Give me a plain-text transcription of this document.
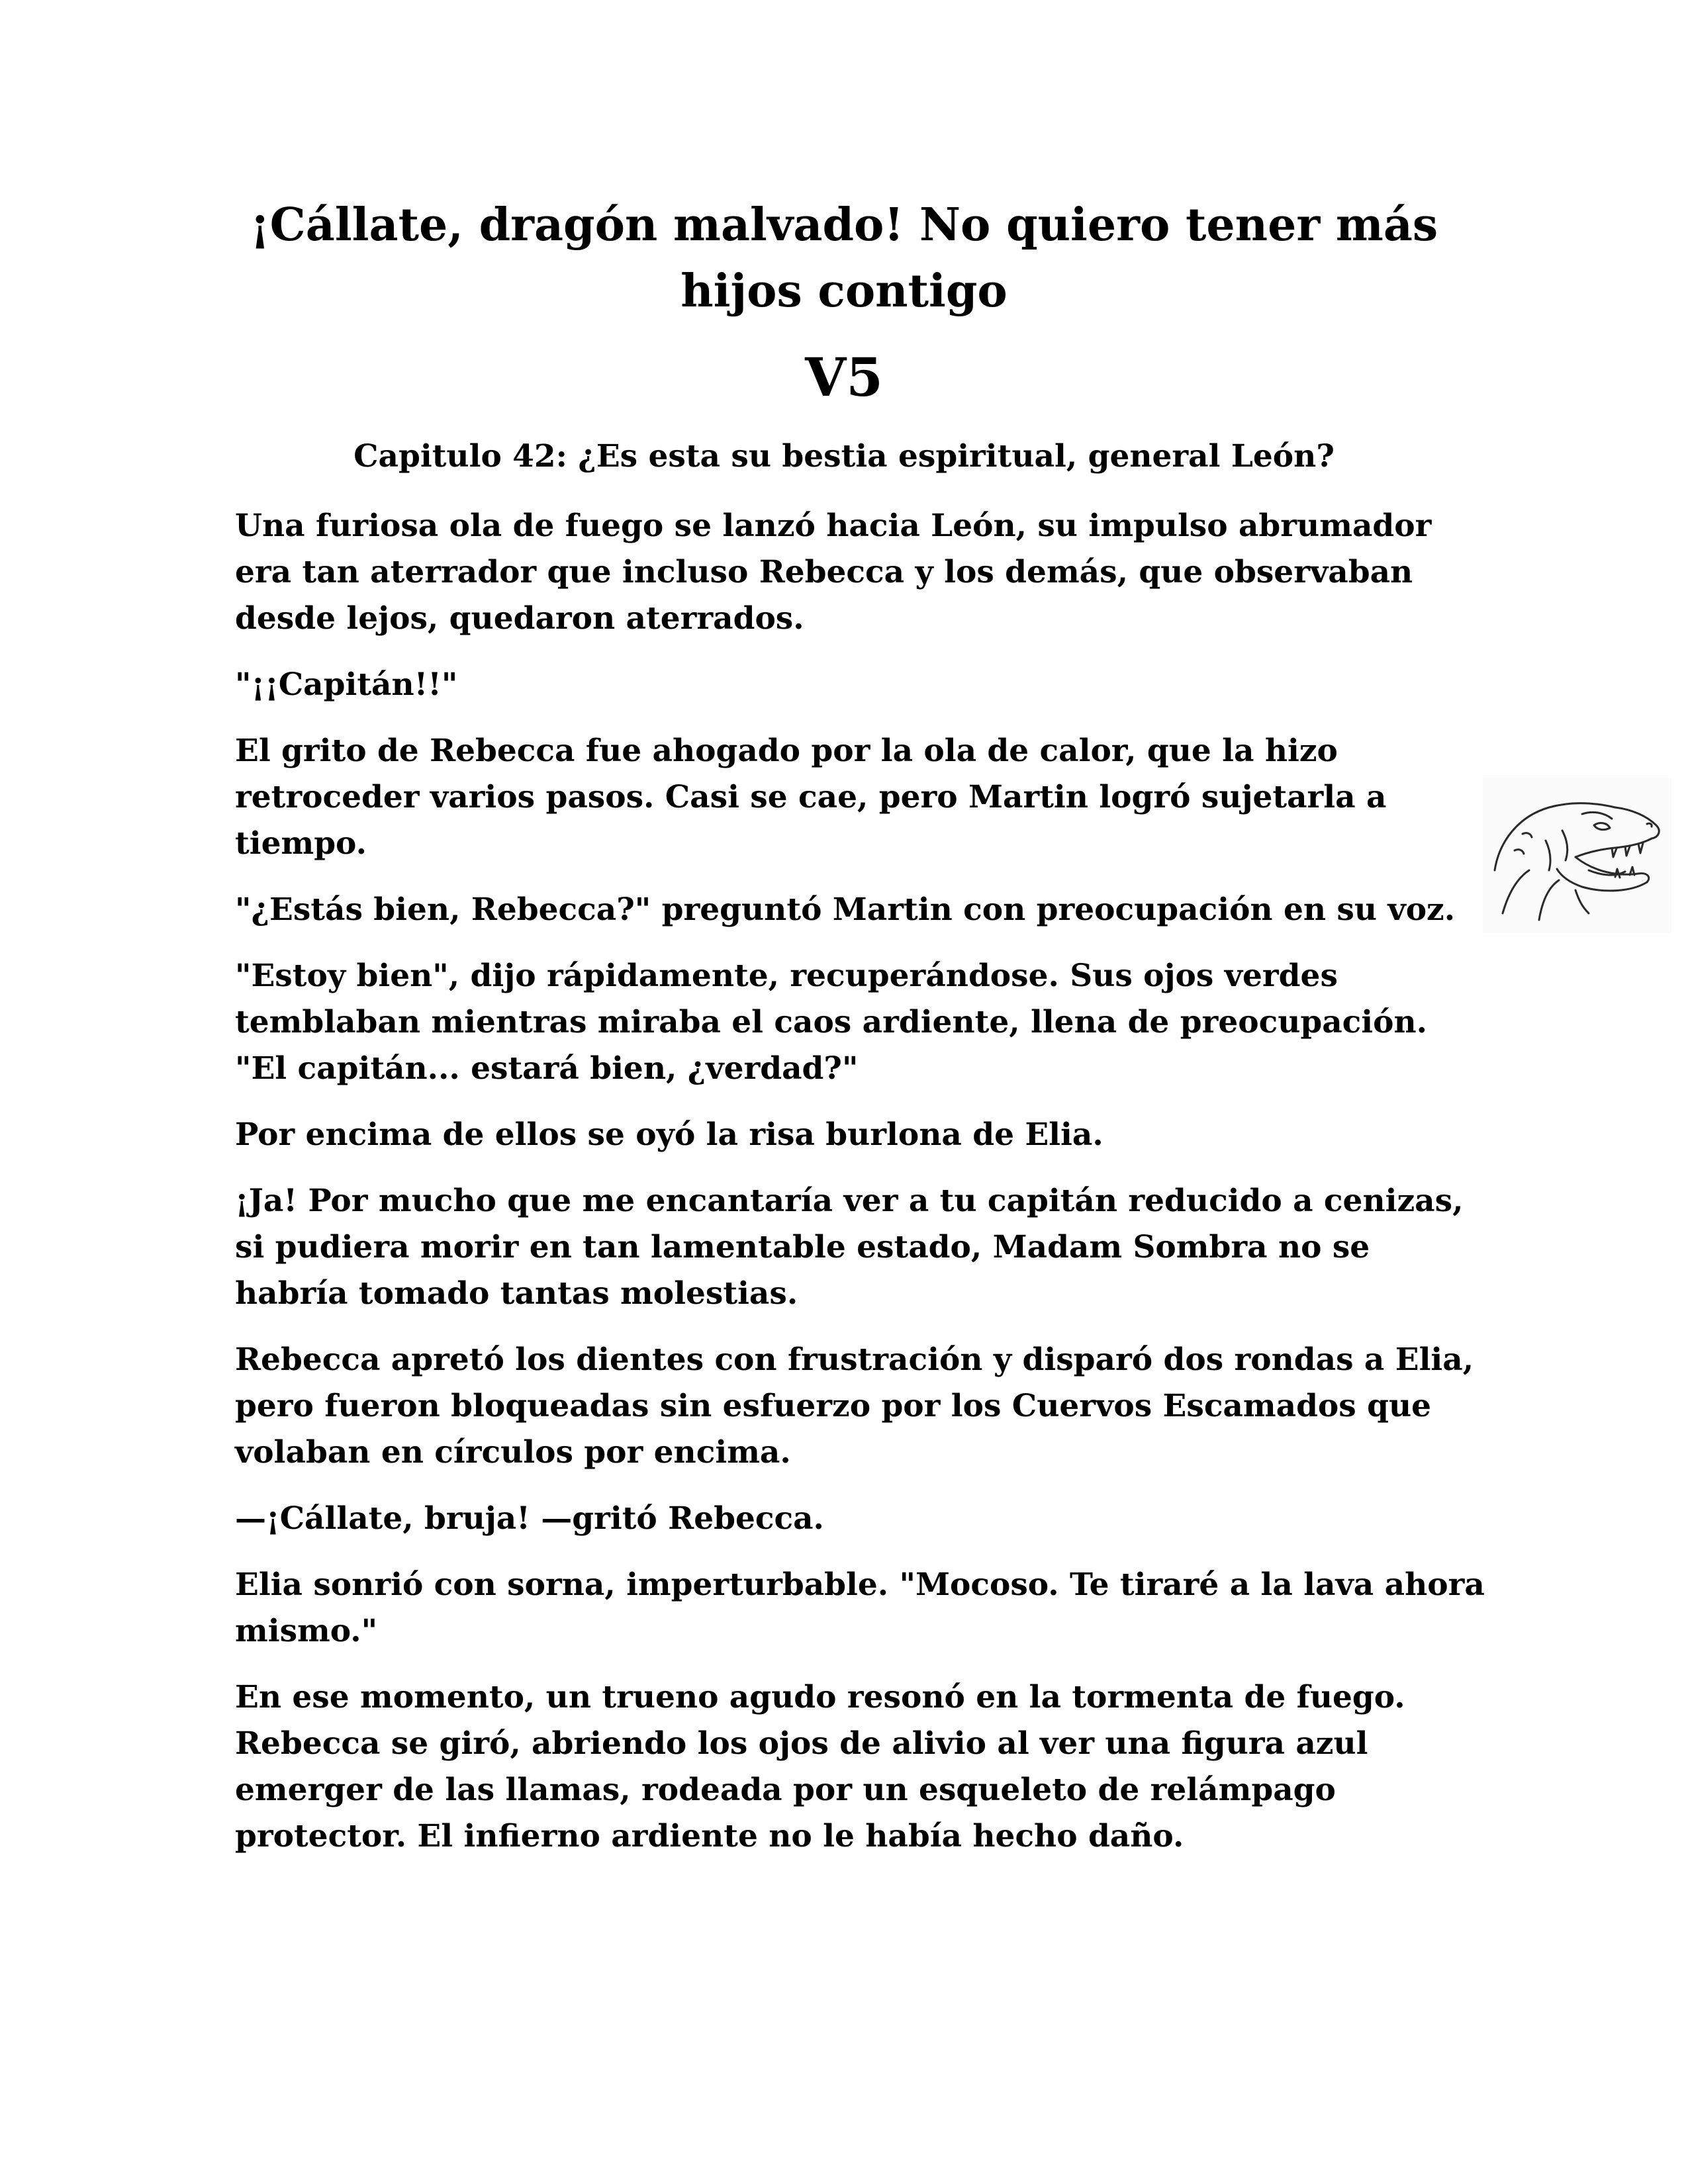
¡Cállate, dragón malvado! No quiero tener más hijos contigo
V5
Capitulo 42: ¿Es esta su bestia espiritual, general León?

Una furiosa ola de fuego se lanzó hacia León, su impulso abrumador era tan aterrador que incluso Rebecca y los demás, que observaban desde lejos, quedaron aterrados.

"¡¡Capitán!!"

El grito de Rebecca fue ahogado por la ola de calor, que la hizo retroceder varios pasos. Casi se cae, pero Martin logró sujetarla a tiempo.

"¿Estás bien, Rebecca?" preguntó Martin con preocupación en su voz.

"Estoy bien", dijo rápidamente, recuperándose. Sus ojos verdes temblaban mientras miraba el caos ardiente, llena de preocupación. "El capitán... estará bien, ¿verdad?"

Por encima de ellos se oyó la risa burlona de Elia.

¡Ja! Por mucho que me encantaría ver a tu capitán reducido a cenizas, si pudiera morir en tan lamentable estado, Madam Sombra no se habría tomado tantas molestias.

Rebecca apretó los dientes con frustración y disparó dos rondas a Elia, pero fueron bloqueadas sin esfuerzo por los Cuervos Escamados que volaban en círculos por encima.

—¡Cállate, bruja! —gritó Rebecca.

Elia sonrió con sorna, imperturbable. "Mocoso. Te tiraré a la lava ahora mismo."

En ese momento, un trueno agudo resonó en la tormenta de fuego. Rebecca se giró, abriendo los ojos de alivio al ver una figura azul emerger de las llamas, rodeada por un esqueleto de relámpago protector. El infierno ardiente no le había hecho daño.
